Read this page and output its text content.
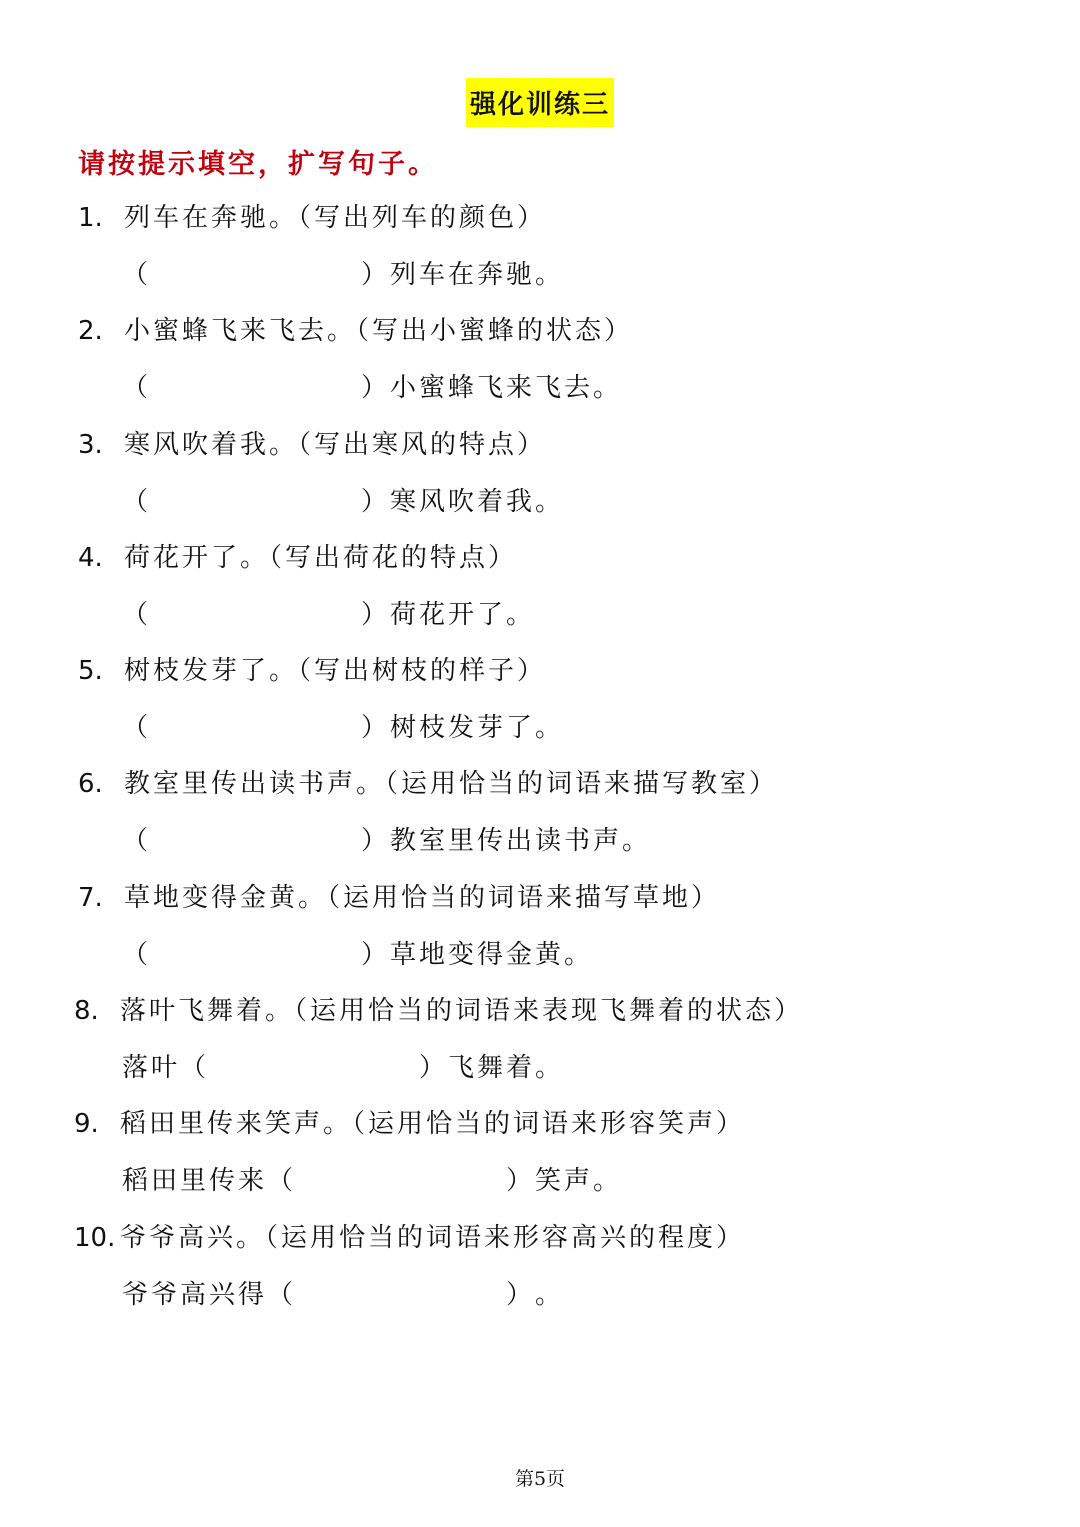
强化训练三
请按提示填空，扩写句子。
1. 列车在奔驰。（写出列车的颜色）
（	）列车在奔驰。
2. 小蜜蜂飞来飞去。（写出小蜜蜂的状态）
（	）小蜜蜂飞来飞去。
3. 寒风吹着我。（写出寒风的特点）
（	）寒风吹着我。
4. 荷花开了。（写出荷花的特点）
（	）荷花开了。
5. 树枝发芽了。（写出树枝的样子）
（	）树枝发芽了。
6. 教室里传出读书声。（运用恰当的词语来描写教室）
（	）教室里传出读书声。
7. 草地变得金黄。（运用恰当的词语来描写草地）
（	）草地变得金黄。
8. 落叶飞舞着。（运用恰当的词语来表现飞舞着的状态）
落叶（	）飞舞着。
9. 稻田里传来笑声。（运用恰当的词语来形容笑声）
稻田里传来（	）笑声。
10. 爷爷高兴。（运用恰当的词语来形容高兴的程度）
爷爷高兴得（	）。
第5页
